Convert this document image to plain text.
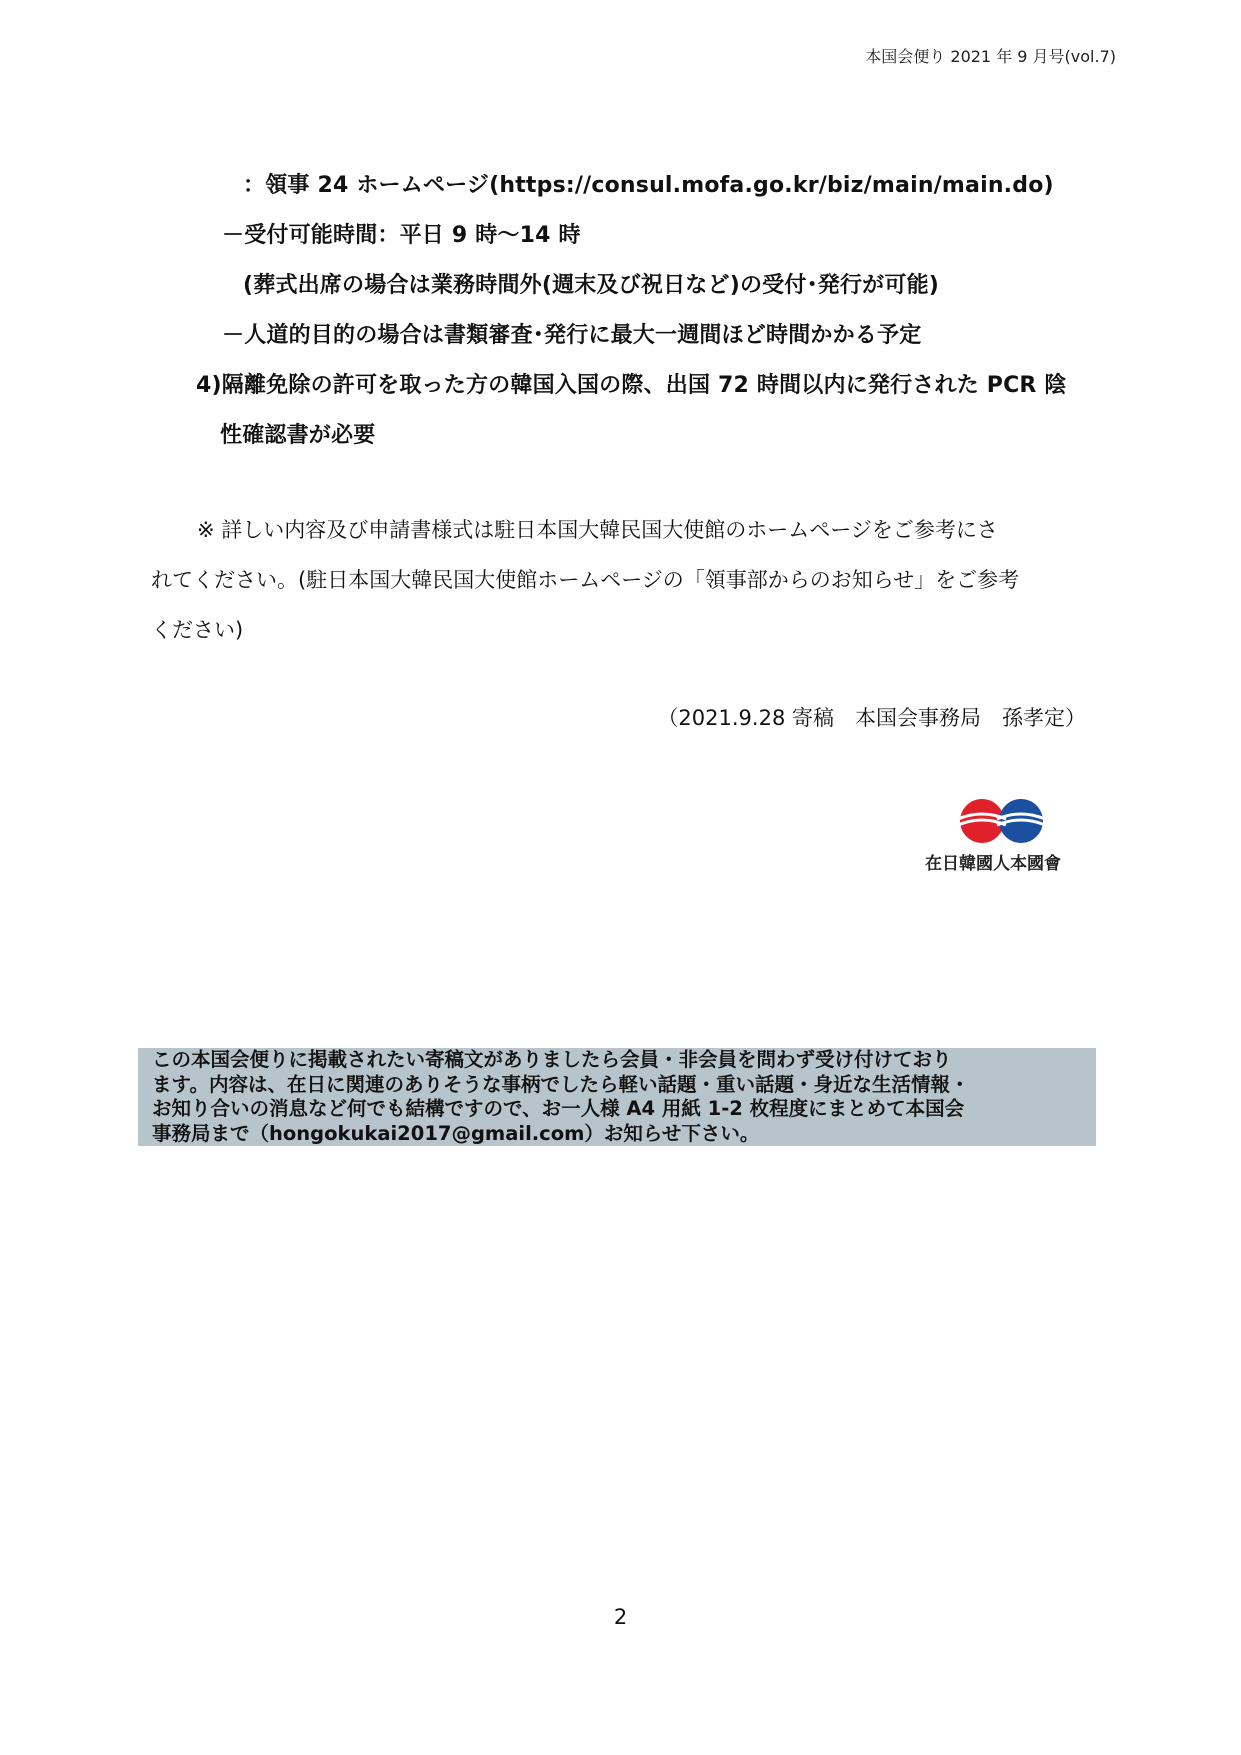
本国会便り 2021 年 9 月号(vol.7)
：領事 24 ホームページ(https://consul.mofa.go.kr/biz/main/main.do)
－受付可能時間：平日 9 時～14 時
(葬式出席の場合は業務時間外(週末及び祝日など)の受付･発行が可能)
－人道的目的の場合は書類審査･発行に最大一週間ほど時間かかる予定
4)隔離免除の許可を取った方の韓国入国の際、出国 72 時間以内に発行された PCR 陰
性確認書が必要

※ 詳しい内容及び申請書様式は駐日本国大韓民国大使館のホームページをご参考にさ

れてください。(駐日本国大韓民国大使館ホームページの「領事部からのお知らせ」をご参考

ください)

（2021.9.28 寄稿　本国会事務局　孫孝定）
在日韓國人本國會
この本国会便りに掲載されたい寄稿文がありましたら会員・非会員を問わず受け付けており
ます。内容は、在日に関連のありそうな事柄でしたら軽い話題・重い話題・身近な生活情報・
お知り合いの消息など何でも結構ですので、お一人様 A4 用紙 1-2 枚程度にまとめて本国会
事務局まで（hongokukai2017@gmail.com）お知らせ下さい。
2
